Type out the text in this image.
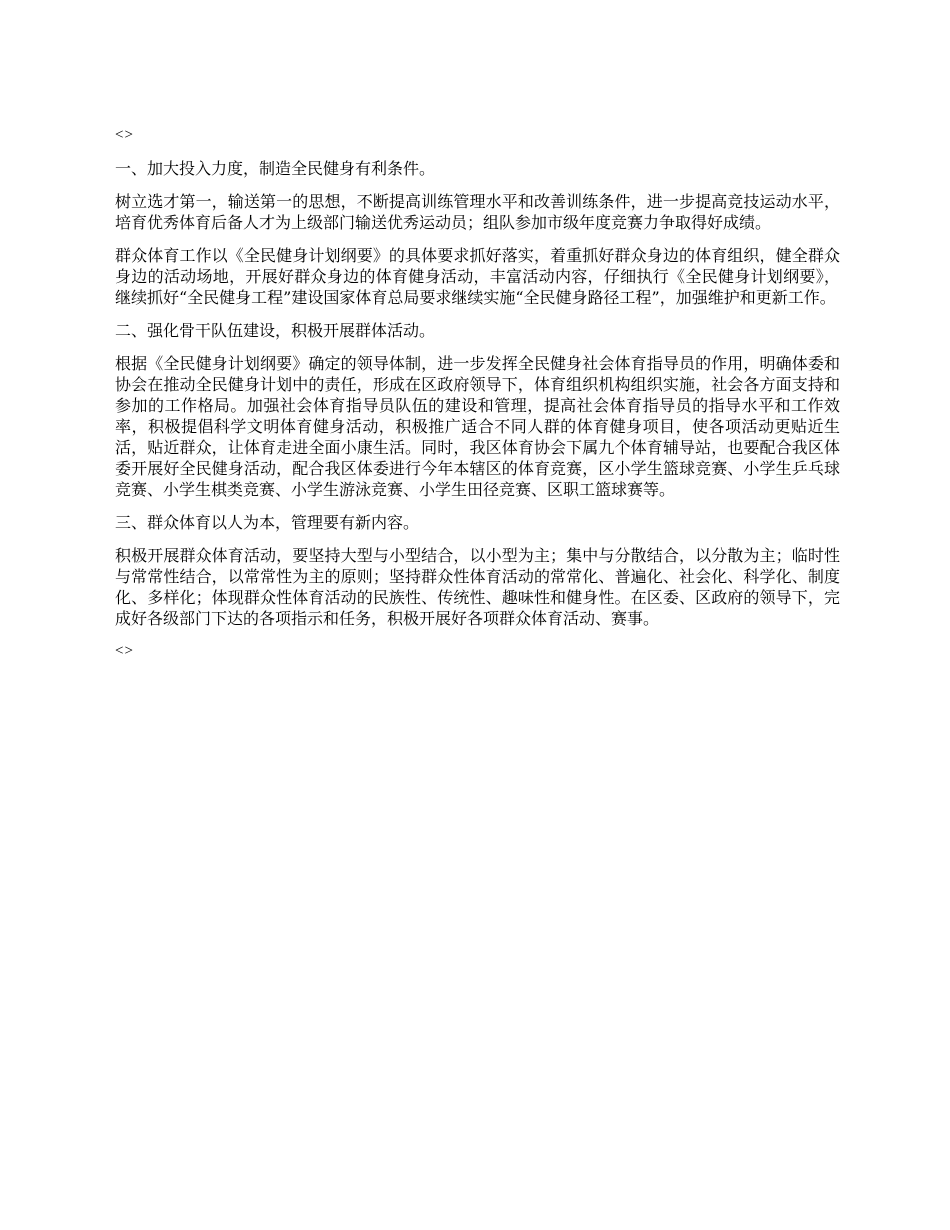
<>
一、加大投入力度，制造全民健身有利条件。
树立选才第一，输送第一的思想，不断提高训练管理水平和改善训练条件，进一步提高竞技运动水平，培育优秀体育后备人才为上级部门输送优秀运动员；组队参加市级年度竞赛力争取得好成绩。
群众体育工作以《全民健身计划纲要》的具体要求抓好落实，着重抓好群众身边的体育组织，健全群众身边的活动场地，开展好群众身边的体育健身活动，丰富活动内容，仔细执行《全民健身计划纲要》，继续抓好“全民健身工程”建设国家体育总局要求继续实施“全民健身路径工程”，加强维护和更新工作。
二、强化骨干队伍建设，积极开展群体活动。
根据《全民健身计划纲要》确定的领导体制，进一步发挥全民健身社会体育指导员的作用，明确体委和协会在推动全民健身计划中的责任，形成在区政府领导下，体育组织机构组织实施，社会各方面支持和参加的工作格局。加强社会体育指导员队伍的建设和管理，提高社会体育指导员的指导水平和工作效率，积极提倡科学文明体育健身活动，积极推广适合不同人群的体育健身项目，使各项活动更贴近生活，贴近群众，让体育走进全面小康生活。同时，我区体育协会下属九个体育辅导站，也要配合我区体委开展好全民健身活动，配合我区体委进行今年本辖区的体育竞赛，区小学生篮球竞赛、小学生乒乓球竞赛、小学生棋类竞赛、小学生游泳竞赛、小学生田径竞赛、区职工篮球赛等。
三、群众体育以人为本，管理要有新内容。
积极开展群众体育活动，要坚持大型与小型结合，以小型为主；集中与分散结合，以分散为主；临时性与常常性结合，以常常性为主的原则；坚持群众性体育活动的常常化、普遍化、社会化、科学化、制度化、多样化；体现群众性体育活动的民族性、传统性、趣味性和健身性。在区委、区政府的领导下，完成好各级部门下达的各项指示和任务，积极开展好各项群众体育活动、赛事。
<>
